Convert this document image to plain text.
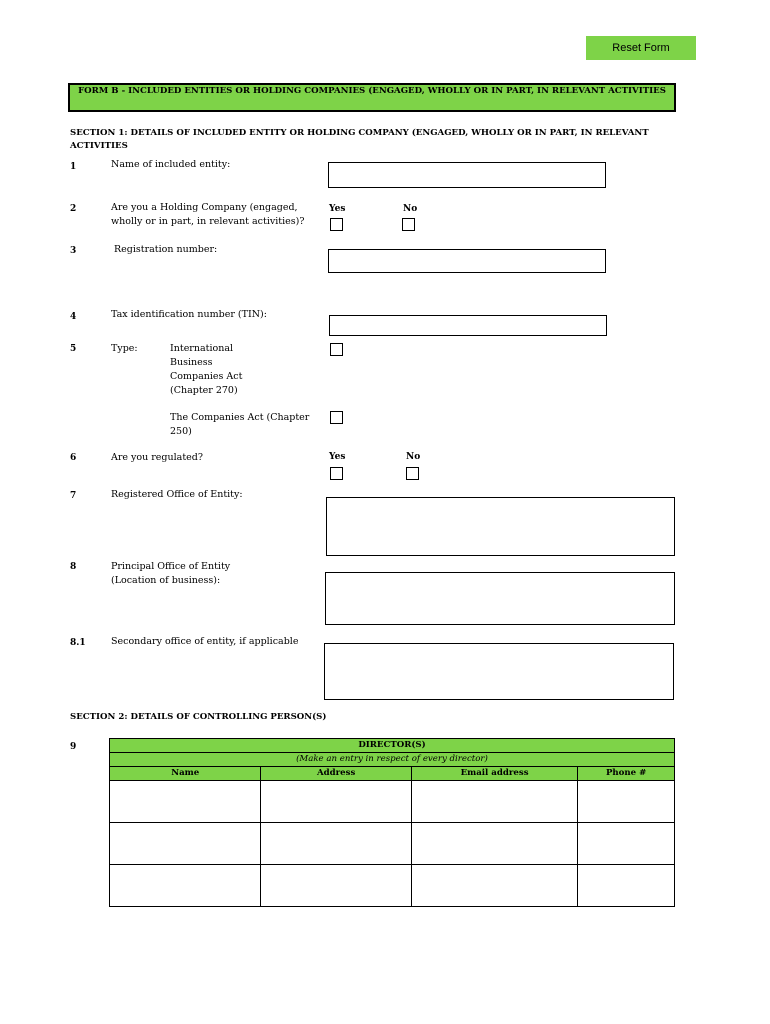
Reset Form
FORM B - INCLUDED ENTITIES OR HOLDING COMPANIES (ENGAGED, WHOLLY OR IN PART, IN RELEVANT ACTIVITIES
SECTION 1: DETAILS OF INCLUDED ENTITY OR HOLDING COMPANY (ENGAGED, WHOLLY OR IN PART, IN RELEVANT ACTIVITIES
1	Name of included entity:
2	Are you a Holding Company (engaged,
wholly or in part, in relevant activities)?
Yes	No
3	Registration number:
4	Tax identification number (TIN):
5	Type:	International
Business
Companies Act
(Chapter 270)
The Companies Act (Chapter
250)
6	Are you regulated?	Yes	No
7	Registered Office of Entity:
8	Principal Office of Entity
(Location of business):
8.1	Secondary office of entity, if applicable
SECTION 2: DETAILS OF CONTROLLING PERSON(S)
9	DIRECTOR(S)			
(Make an entry in respect of every director)			
Name	Address	Email address	Phone #
